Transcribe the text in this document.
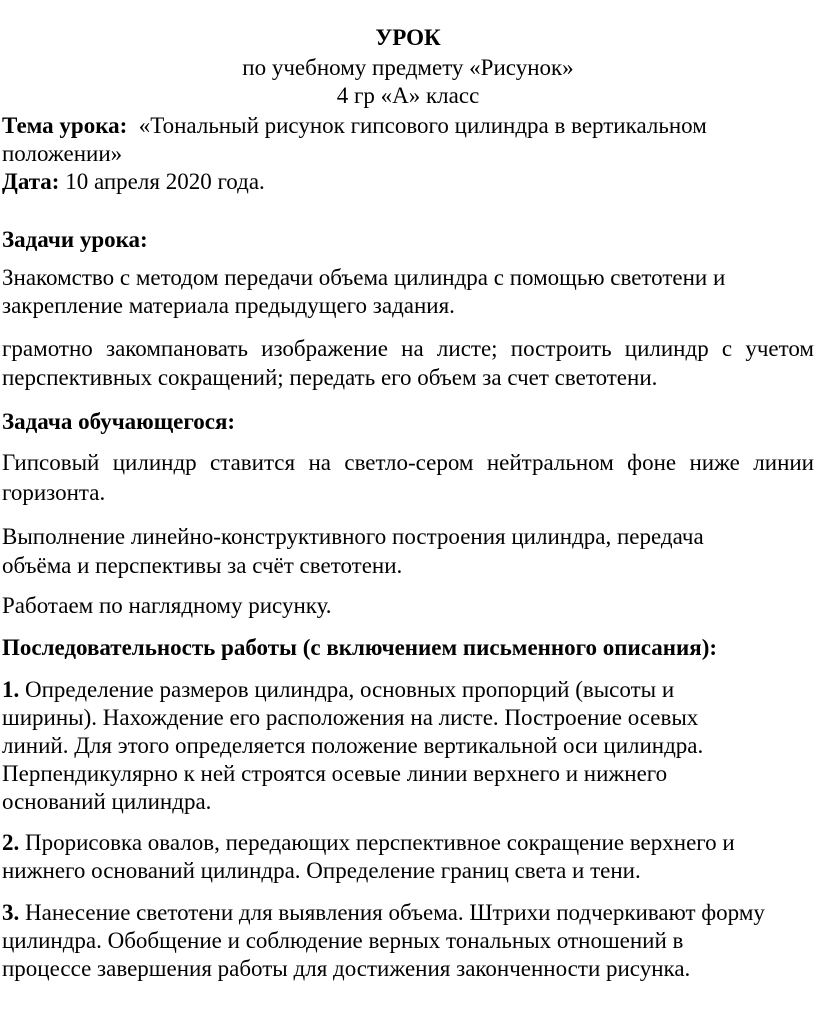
УРОК
по учебному предмету «Рисунок»
4 гр «А» класс
Тема урока: «Тональный рисунок гипсового цилиндра в вертикальном
положении»
Дата: 10 апреля 2020 года.
Задачи урока:
Знакомство с методом передачи объема цилиндра с помощью светотени и
закрепление материала предыдущего задания.
грамотно закомпановать изображение на листе; построить цилиндр с учетом
перспективных сокращений; передать его объем за счет светотени.
Задача обучающегося:
Гипсовый цилиндр ставится на светло-сером нейтральном фоне ниже линии
горизонта.
Выполнение линейно-конструктивного построения цилиндра, передача
объёма и перспективы за счёт светотени.
Работаем по наглядному рисунку.
Последовательность работы (с включением письменного описания):
1. Определение размеров цилиндра, основных пропорций (высоты и
ширины). Нахождение его расположения на листе. Построение осевых
линий. Для этого определяется положение вертикальной оси цилиндра.
Перпендикулярно к ней строятся осевые линии верхнего и нижнего
оснований цилиндра.
2. Прорисовка овалов, передающих перспективное сокращение верхнего и
нижнего оснований цилиндра. Определение границ света и тени.
3. Нанесение светотени для выявления объема. Штрихи подчеркивают форму
цилиндра. Обобщение и соблюдение верных тональных отношений в
процессе завершения работы для достижения законченности рисунка.
